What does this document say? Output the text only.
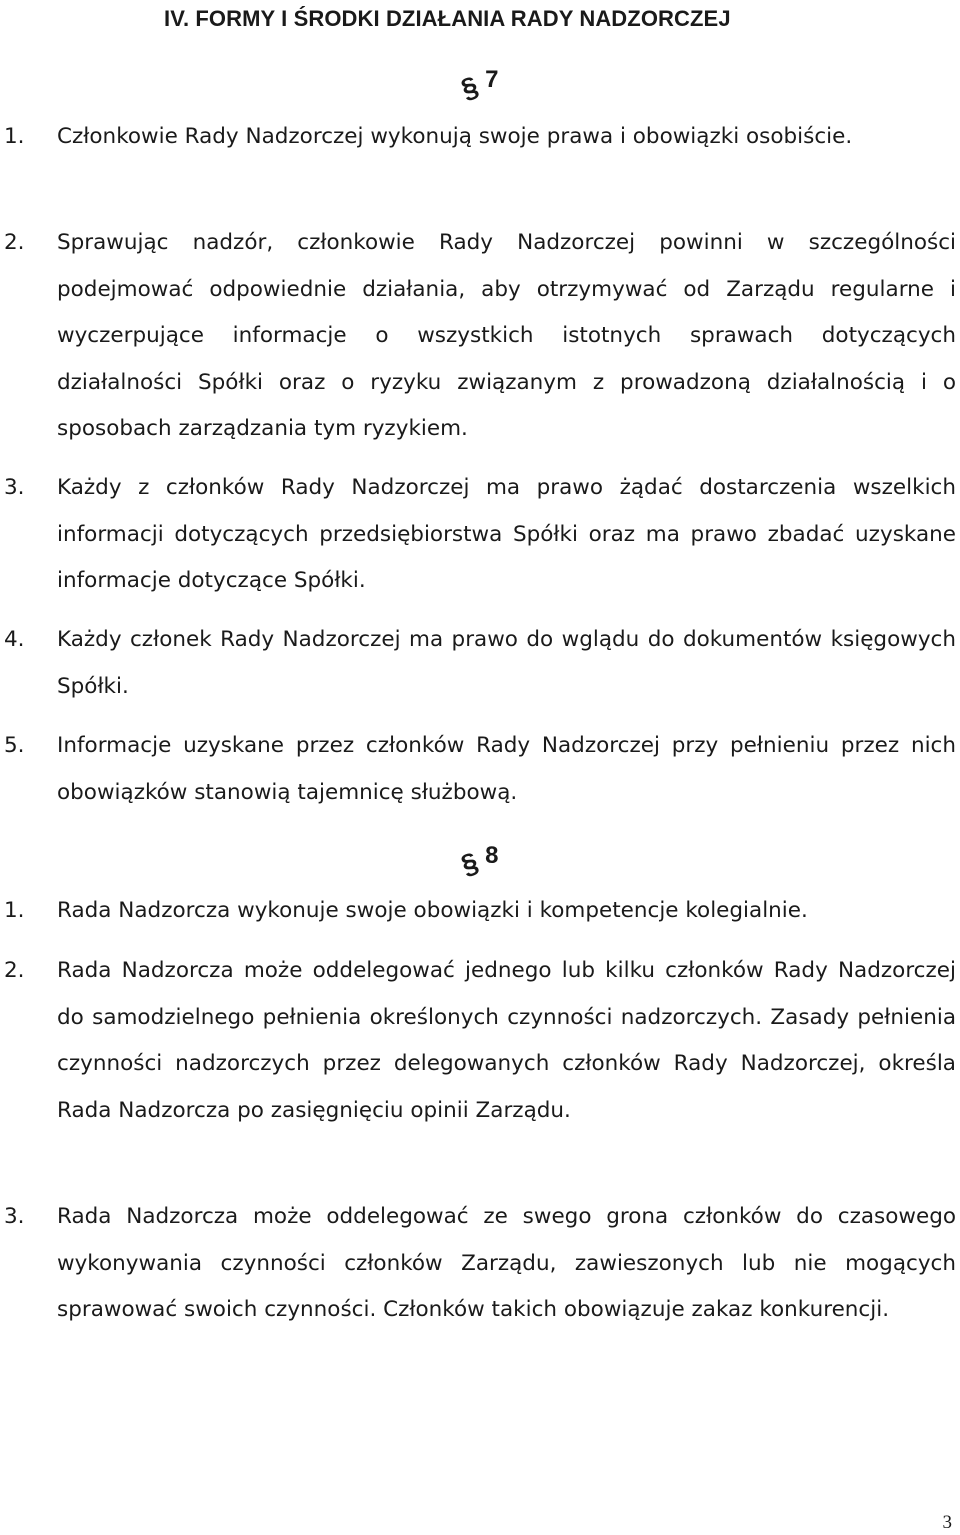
IV. FORMY I ŚRODKI DZIAŁANIA RADY NADZORCZEJ
§ 7
1. Członkowie Rady Nadzorczej wykonują swoje prawa i obowiązki osobiście.
2. Sprawując nadzór, członkowie Rady Nadzorczej powinni w szczególności podejmować odpowiednie działania, aby otrzymywać od Zarządu regularne i wyczerpujące informacje o wszystkich istotnych sprawach dotyczących działalności Spółki oraz o ryzyku związanym z prowadzoną działalnością i o sposobach zarządzania tym ryzykiem.
3. Każdy z członków Rady Nadzorczej ma prawo żądać dostarczenia wszelkich informacji dotyczących przedsiębiorstwa Spółki oraz ma prawo zbadać uzyskane informacje dotyczące Spółki.
4. Każdy członek Rady Nadzorczej ma prawo do wglądu do dokumentów księgowych Spółki.
5. Informacje uzyskane przez członków Rady Nadzorczej przy pełnieniu przez nich obowiązków stanowią tajemnicę służbową.
§ 8
1. Rada Nadzorcza wykonuje swoje obowiązki i kompetencje kolegialnie.
2. Rada Nadzorcza może oddelegować jednego lub kilku członków Rady Nadzorczej do samodzielnego pełnienia określonych czynności nadzorczych. Zasady pełnienia czynności nadzorczych przez delegowanych członków Rady Nadzorczej, określa Rada Nadzorcza po zasięgnięciu opinii Zarządu.
3. Rada Nadzorcza może oddelegować ze swego grona członków do czasowego wykonywania czynności członków Zarządu, zawieszonych lub nie mogących sprawować swoich czynności. Członków takich obowiązuje zakaz konkurencji.
3
